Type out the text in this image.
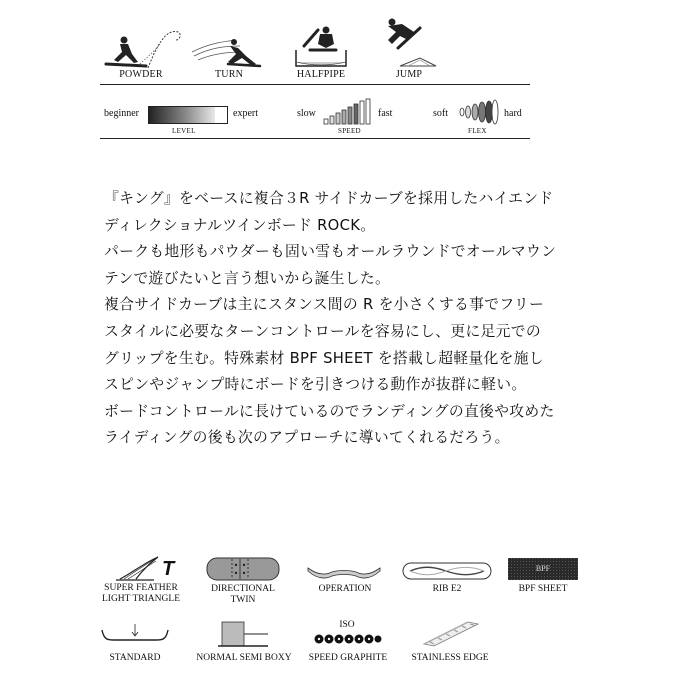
POWDER	TURN	HALFPIPE	JUMP
beginner	expert
LEVEL
slow	fast
SPEED
soft	hard
FLEX
『キング』をベースに複合３R サイドカーブを採用したハイエンド
ディレクショナルツインボード ROCK。
パークも地形もパウダーも固い雪もオールラウンドでオールマウン
テンで遊びたいと言う想いから誕生した。
複合サイドカーブは主にスタンス間の R を小さくする事でフリー
スタイルに必要なターンコントロールを容易にし、更に足元での
グリップを生む。特殊素材 BPF SHEET を搭載し超軽量化を施し
スピンやジャンプ時にボードを引きつける動作が抜群に軽い。
ボードコントロールに長けているのでランディングの直後や攻めた
ライディングの後も次のアプローチに導いてくれるだろう。
T
SUPER FEATHER
LIGHT TRIANGLE
DIRECTIONAL
TWIN
OPERATION	RIB E2
BPF
BPF SHEET
STANDARD	NORMAL SEMI BOXY
ISO
SPEED GRAPHITE	STAINLESS EDGE
